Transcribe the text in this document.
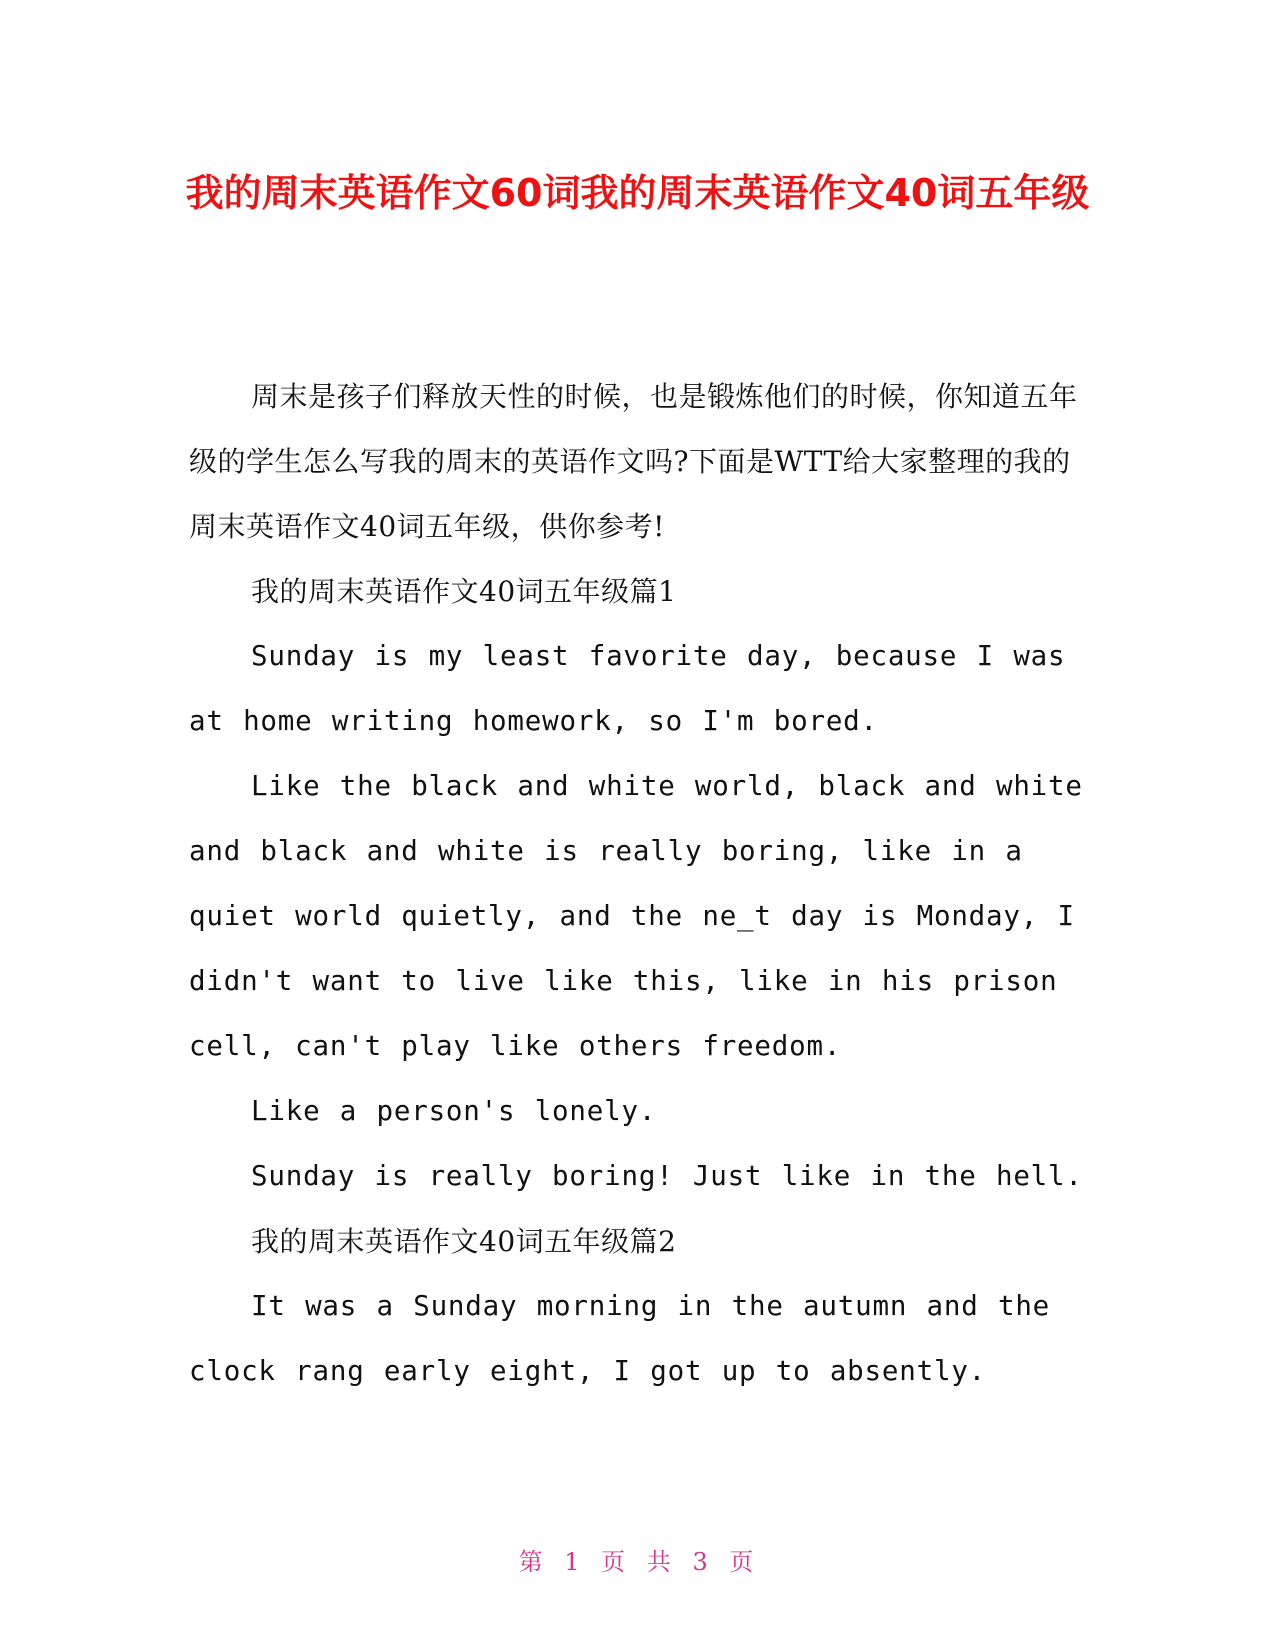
我的周末英语作文60词我的周末英语作文40词五年级

周末是孩子们释放天性的时候，也是锻炼他们的时候，你知道五年级的学生怎么写我的周末的英语作文吗?下面是WTT给大家整理的我的周末英语作文40词五年级，供你参考!

我的周末英语作文40词五年级篇1

Sunday is my least favorite day, because I was at home writing homework, so I'm bored.

Like the black and white world, black and white and black and white is really boring, like in a quiet world quietly, and the ne_t day is Monday, I didn't want to live like this, like in his prison cell, can't play like others freedom.

Like a person's lonely.

Sunday is really boring! Just like in the hell.

我的周末英语作文40词五年级篇2

It was a Sunday morning in the autumn and the clock rang early eight, I got up to absently.

第 1 页 共 3 页
